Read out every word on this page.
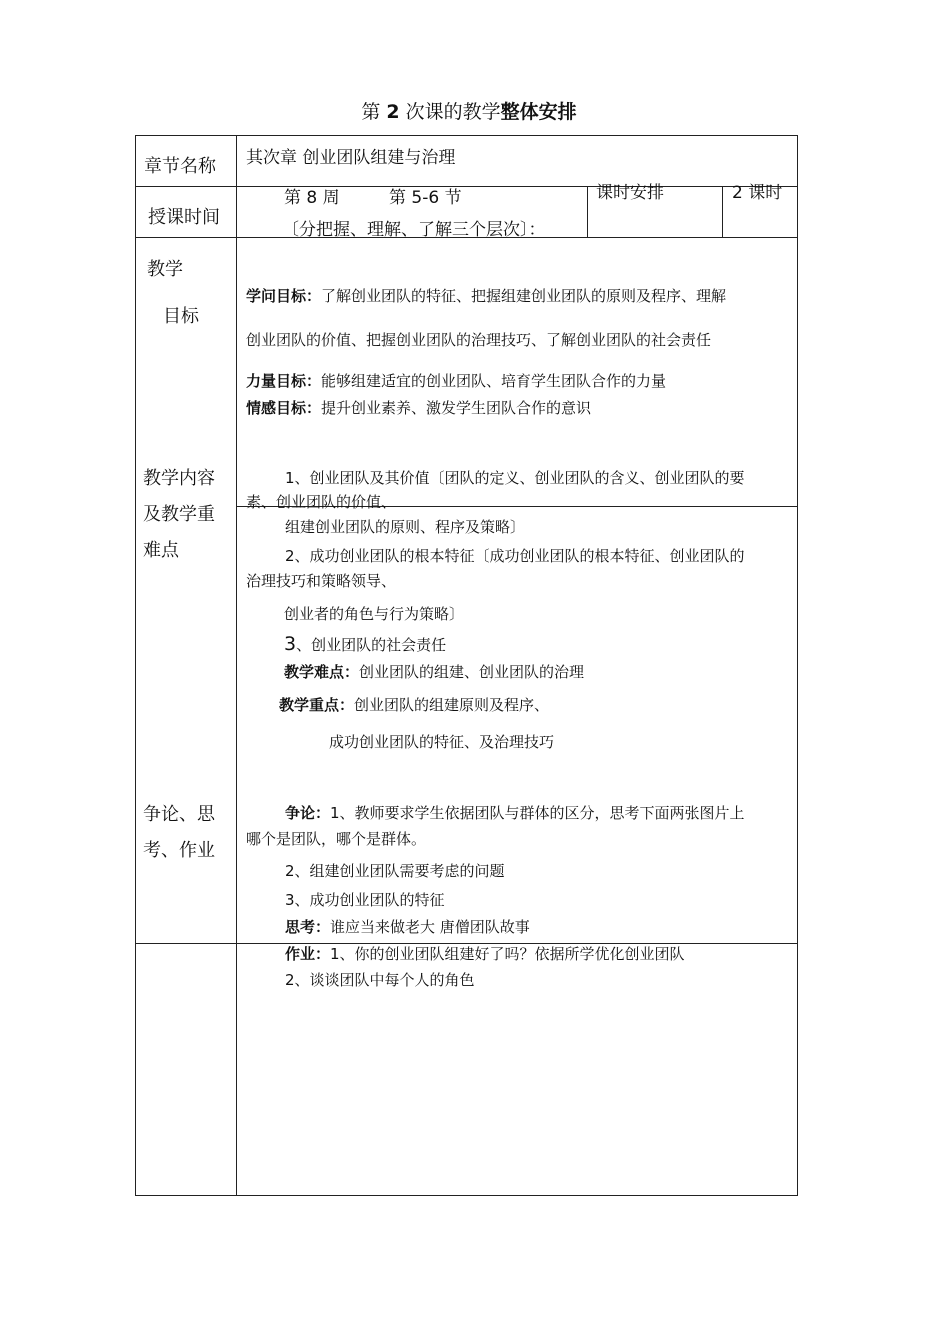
第 2 次课的教学整体安排
章节名称 其次章 创业团队组建与治理
授课时间
第 8 周	第 5-6 节
〔分把握、理解、了解三个层次〕：
课时安排	2 课时
教学
目标
学问目标：了解创业团队的特征、把握组建创业团队的原则及程序、理解
创业团队的价值、把握创业团队的治理技巧、了解创业团队的社会责任
力量目标：能够组建适宜的创业团队、培育学生团队合作的力量
情感目标：提升创业素养、激发学生团队合作的意识
教学内容
及教学重
难点
1、创业团队及其价值〔团队的定义、创业团队的含义、创业团队的要
素、创业团队的价值、
组建创业团队的原则、程序及策略〕
2、成功创业团队的根本特征〔成功创业团队的根本特征、创业团队的
治理技巧和策略领导、
创业者的角色与行为策略〕
3、创业团队的社会责任
教学难点：创业团队的组建、创业团队的治理
教学重点：创业团队的组建原则及程序、
成功创业团队的特征、及治理技巧
争论、思
考、作业
争论：1、教师要求学生依据团队与群体的区分，思考下面两张图片上
哪个是团队，哪个是群体。
2、组建创业团队需要考虑的问题
3、成功创业团队的特征
思考：谁应当来做老大 唐僧团队故事
作业：1、你的创业团队组建好了吗？依据所学优化创业团队
2、谈谈团队中每个人的角色
